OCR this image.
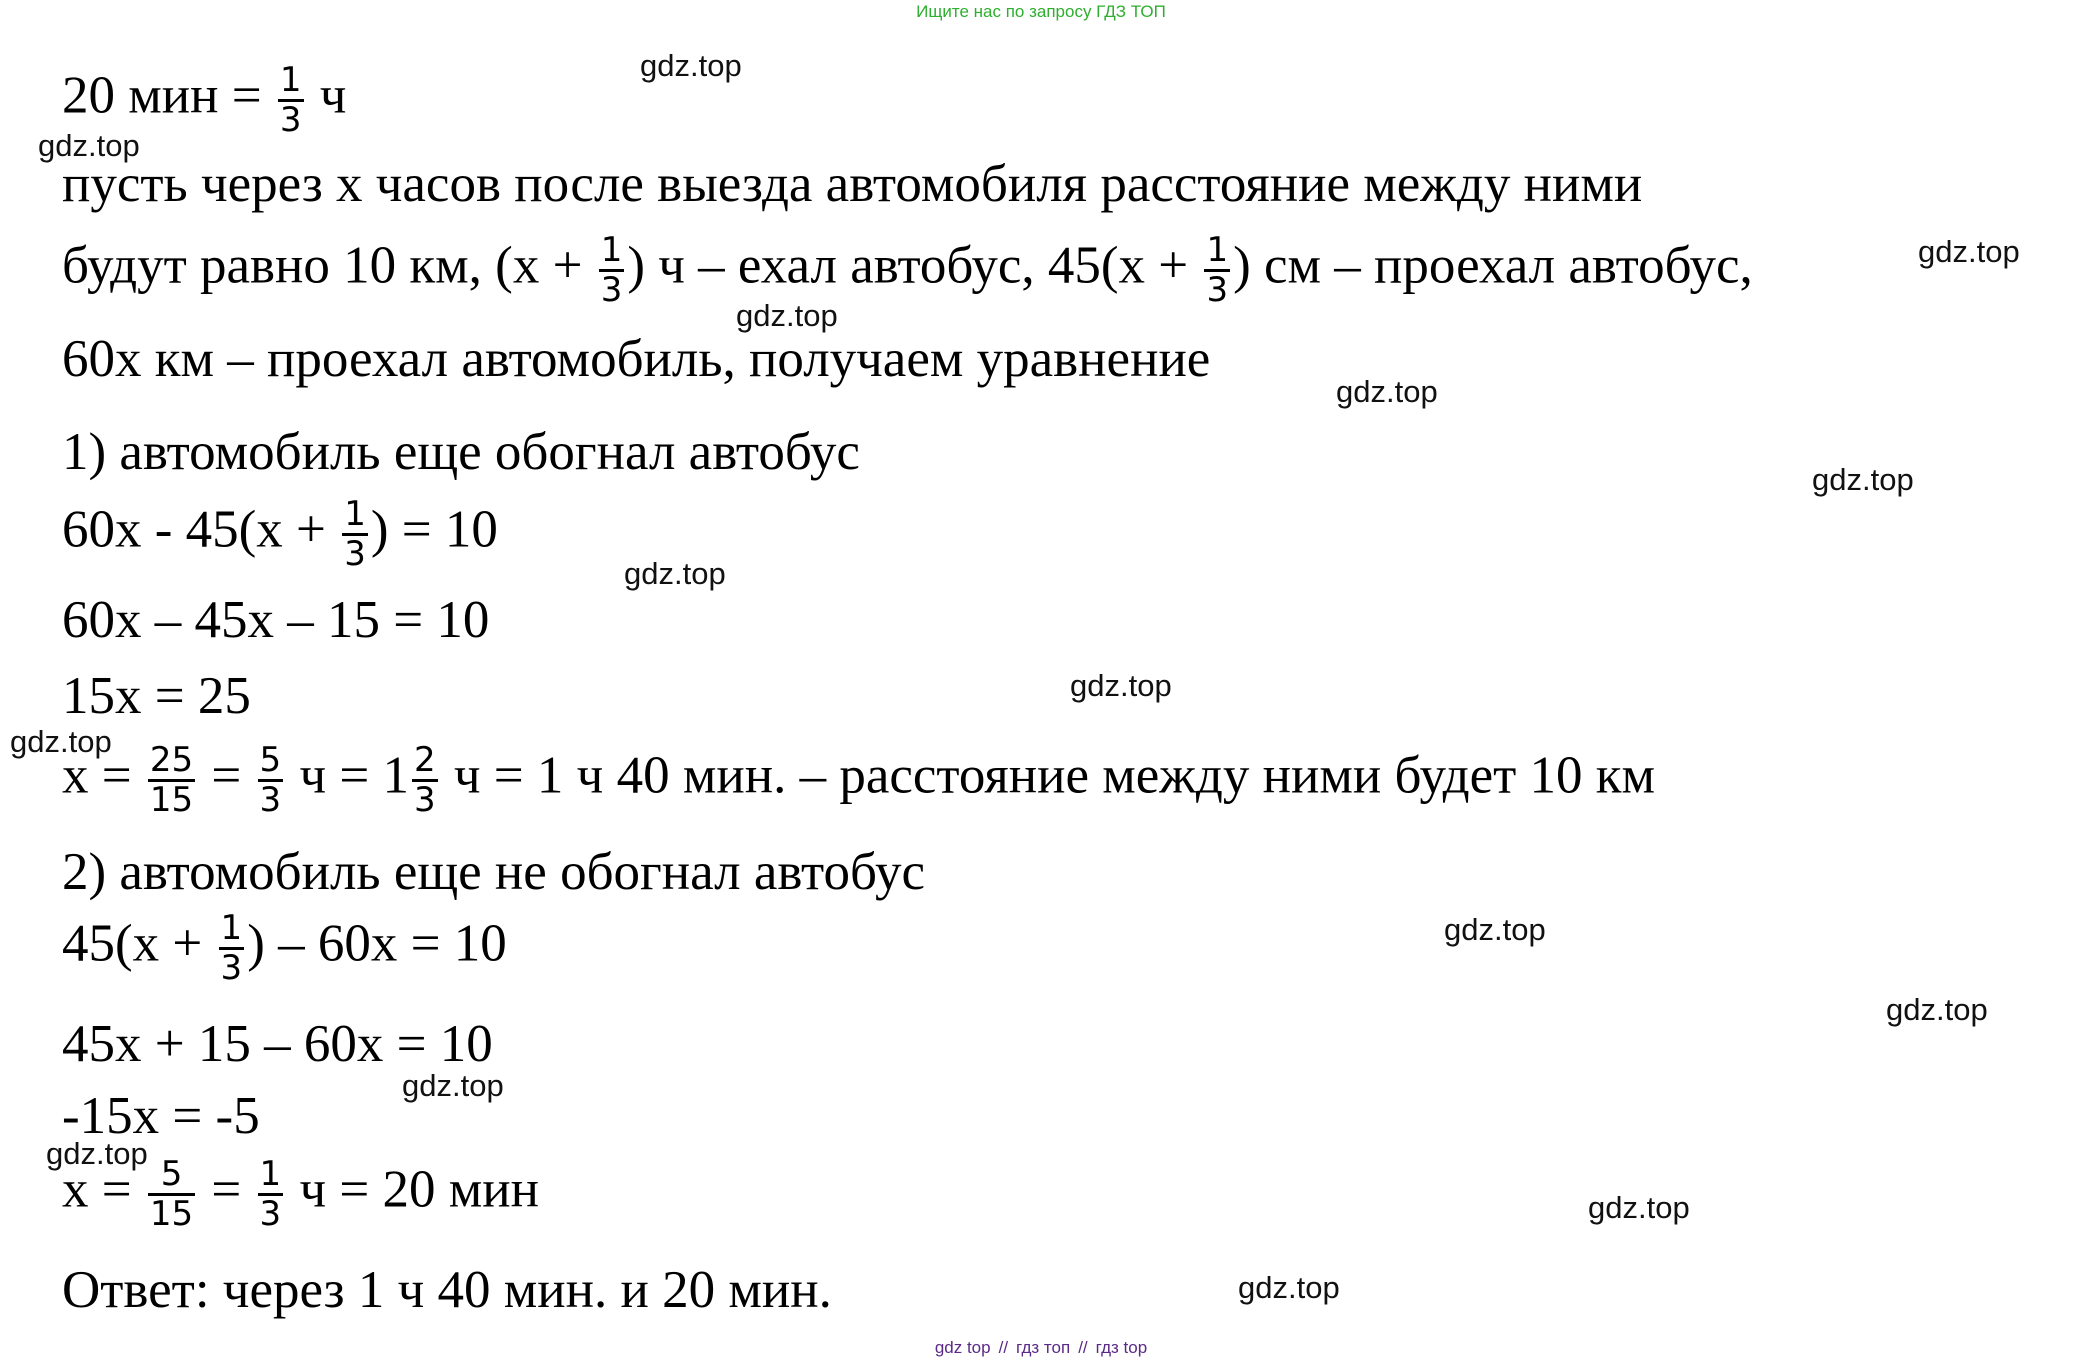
Ищите нас по запросу ГДЗ ТОП
20 мин = $\frac{1}{3}$ ч
пусть через x часов после выезда автомобиля расстояние между ними
будут равно 10 км, ($x + \frac{1}{3}$ ) ч – ехал автобус, $45(x + \frac{1}{3}$ ) см – проехал автобус,
60x км – проехал автомобиль, получаем уравнение
1) автомобиль еще обогнал автобус
$60x - 45(x + \frac{1}{3}$ ) = 10
60x – 45x – 15 = 10
15x = 25
$x = \frac{25}{15} = \frac{5}{3}$ $ч = 1 \frac{2}{3}$ ч = 1 ч 40 мин. – расстояние между ними будет 10 км
2) автомобиль еще не обогнал автобус
$45(x + \frac{1}{3}$ ) – 60x = 10
45x + 15 – 60x = 10
-15x = -5
$x = \frac{5}{15} = \frac{1}{3}$ ч = 20 мин
Ответ: через 1 ч 40 мин. и 20 мин.
gdz.top
gdz.top
gdz.top
gdz.top
gdz.top
gdz.top
gdz.top
gdz.top
gdz.top
gdz.top
gdz.top
gdz.top
gdz.top
gdz.top
gdz.top
gdz top // гдз топ // гдз top
